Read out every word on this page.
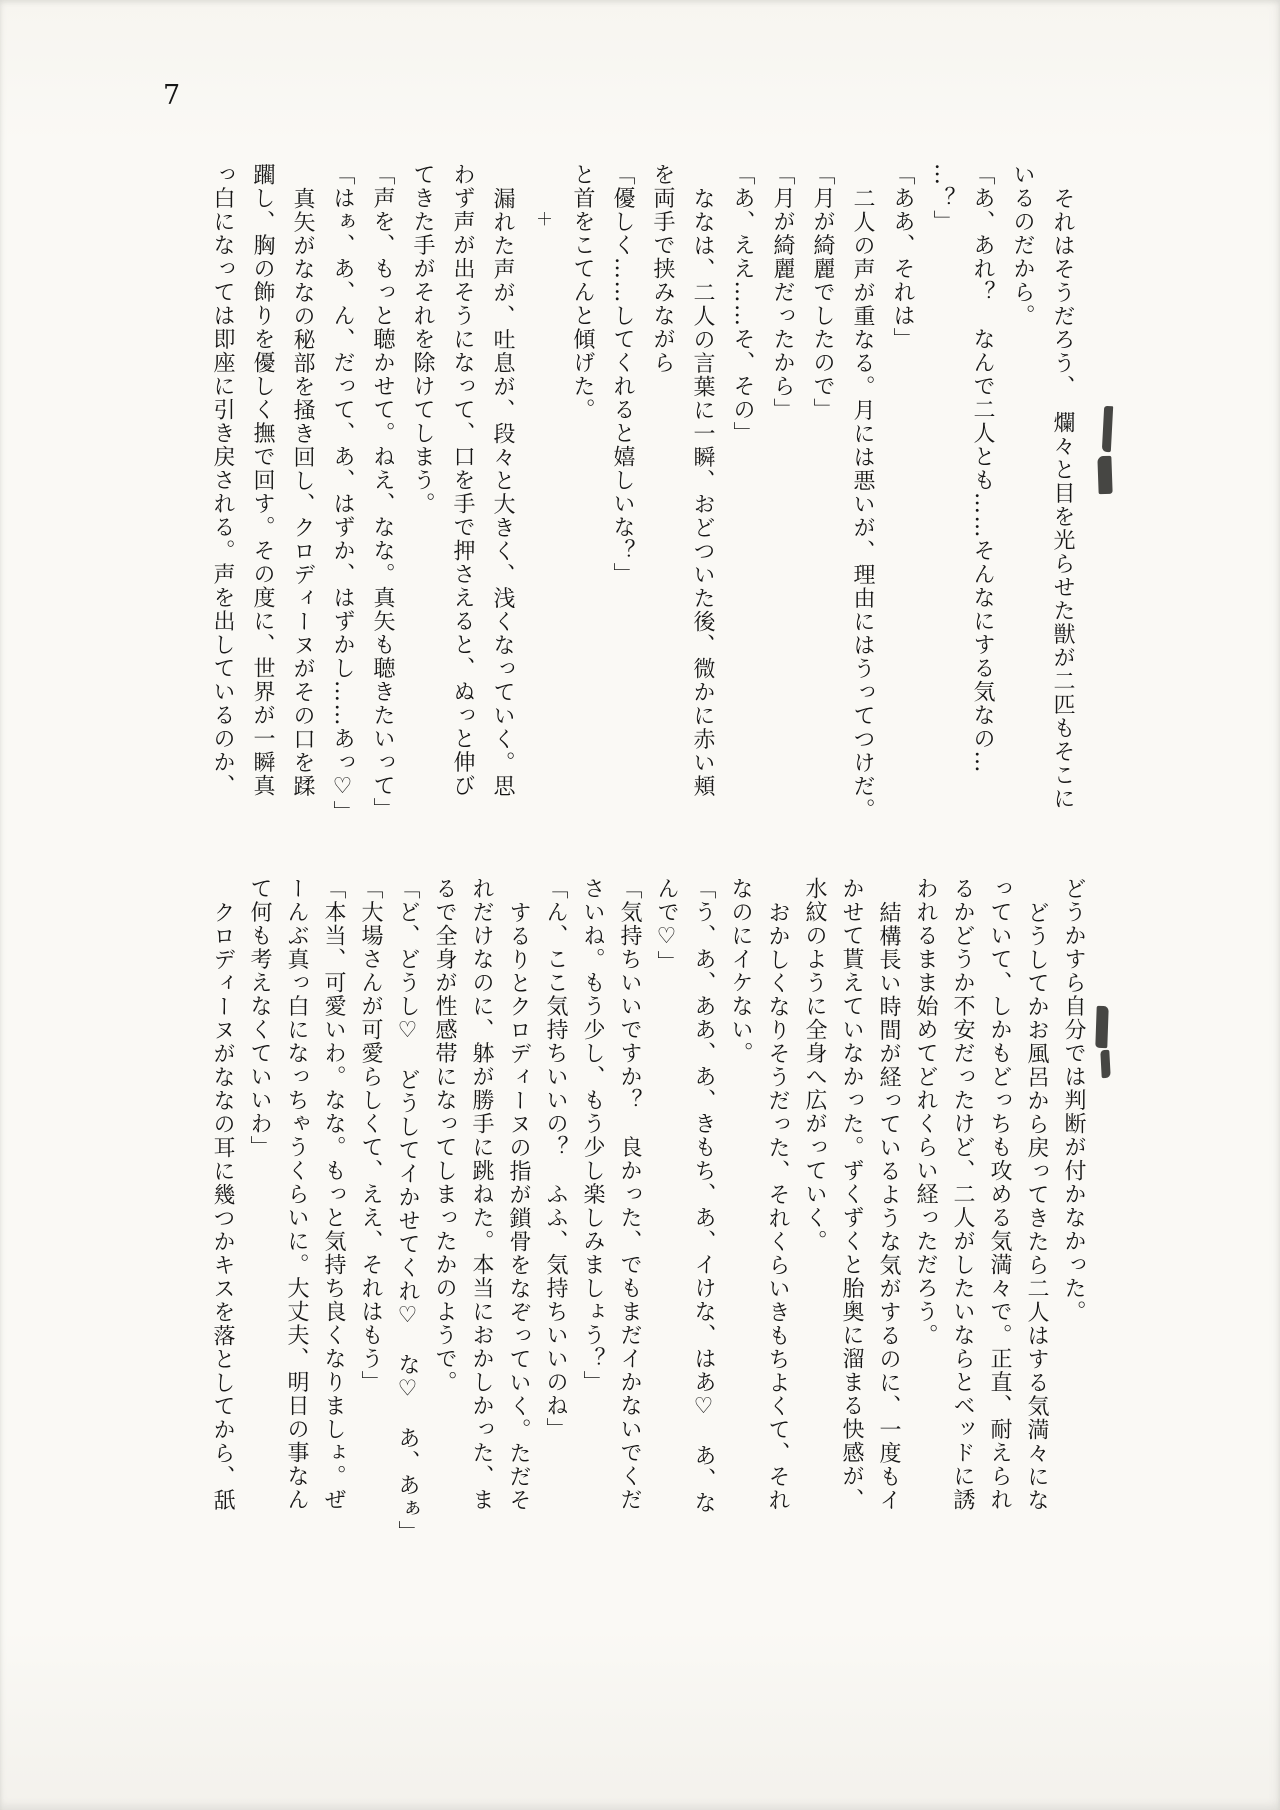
7
それはそうだろう、　爛々と目を光らせた獣が二匹もそこに
いるのだから。
「あ、あれ？　なんで二人とも……そんなにする気なの…
…？」
「ああ、それは」
二人の声が重なる。月には悪いが、理由にはうってつけだ。
「月が綺麗でしたので」
「月が綺麗だったから」
「あ、ええ……そ、その」
ななは、二人の言葉に一瞬、おどついた後、微かに赤い頬
を両手で挟みながら
「優しく……してくれると嬉しいな？」
と首をこてんと傾げた。
＋
漏れた声が、吐息が、段々と大きく、浅くなっていく。思
わず声が出そうになって、口を手で押さえると、ぬっと伸び
てきた手がそれを除けてしまう。
「声を、もっと聴かせて。ねえ、なな。真矢も聴きたいって」
「はぁ、あ、ん、だって、あ、はずか、はずかし……あっ♡」
真矢がななの秘部を掻き回し、クロディーヌがその口を蹂
躙し、胸の飾りを優しく撫で回す。その度に、世界が一瞬真
っ白になっては即座に引き戻される。声を出しているのか、
どうかすら自分では判断が付かなかった。
どうしてかお風呂から戻ってきたら二人はする気満々にな
っていて、しかもどっちも攻める気満々で。正直、耐えられ
るかどうか不安だったけど、二人がしたいならとベッドに誘
われるまま始めてどれくらい経っただろう。
結構長い時間が経っているような気がするのに、一度もイ
かせて貰えていなかった。ずくずくと胎奥に溜まる快感が、
水紋のように全身へ広がっていく。
おかしくなりそうだった、それくらいきもちよくて、それ
なのにイケない。
「う、あ、ああ、あ、きもち、あ、イけな、はあ♡　あ、な
んで♡」
「気持ちいいですか？　良かった、でもまだイかないでくだ
さいね。もう少し、もう少し楽しみましょう？」
「ん、ここ気持ちいいの？　ふふ、気持ちいいのね」
するりとクロディーヌの指が鎖骨をなぞっていく。ただそ
れだけなのに、躰が勝手に跳ねた。本当におかしかった、ま
るで全身が性感帯になってしまったかのようで。
「ど、どうし♡　どうしてイかせてくれ♡　な♡　あ、あぁ」
「大場さんが可愛らしくて、ええ、それはもう」
「本当、可愛いわ。なな。もっと気持ち良くなりましょ。ぜ
ーんぶ真っ白になっちゃうくらいに。大丈夫、明日の事なん
て何も考えなくていいわ」
クロディーヌがななの耳に幾つかキスを落としてから、舐
